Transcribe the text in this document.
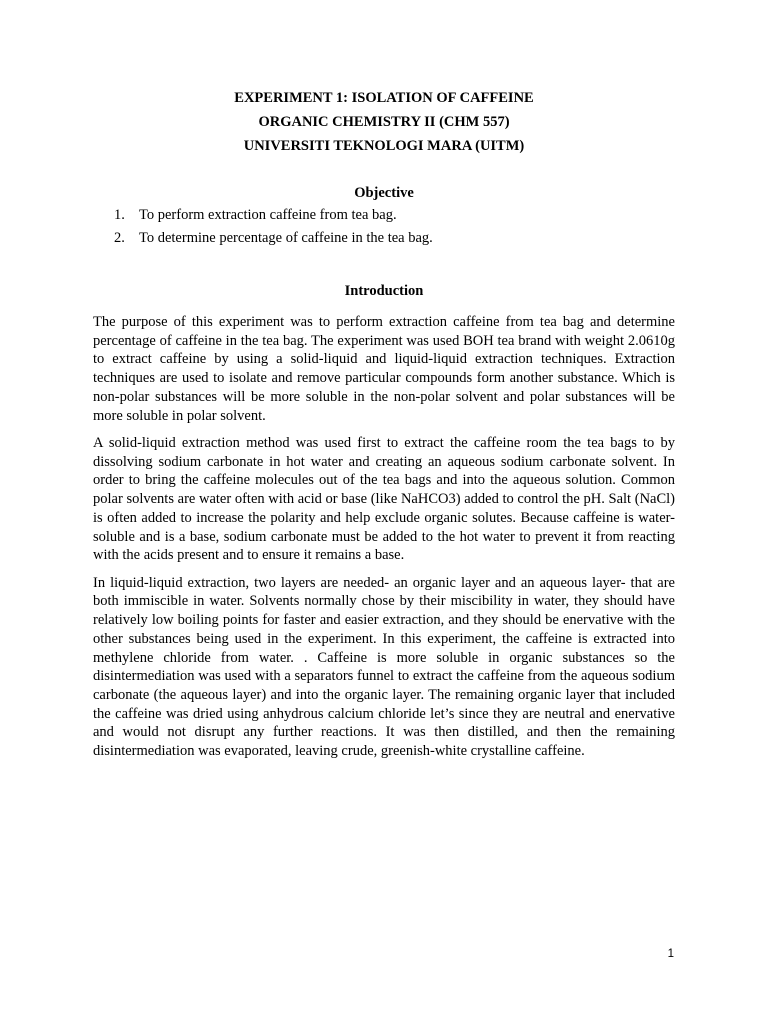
EXPERIMENT 1: ISOLATION OF CAFFEINE

ORGANIC CHEMISTRY II (CHM 557)

UNIVERSITI TEKNOLOGI MARA (UITM)

Objective

1. To perform extraction caffeine from tea bag.
2. To determine percentage of caffeine in the tea bag.

Introduction

The purpose of this experiment was to perform extraction caffeine from tea bag and determine percentage of caffeine in the tea bag. The experiment was used BOH tea brand with weight 2.0610g to extract caffeine by using a solid-liquid and liquid-liquid extraction techniques. Extraction techniques are used to isolate and remove particular compounds form another substance. Which is non-polar substances will be more soluble in the non-polar solvent and polar substances will be more soluble in polar solvent.

A solid-liquid extraction method was used first to extract the caffeine room the tea bags to by dissolving sodium carbonate in hot water and creating an aqueous sodium carbonate solvent. In order to bring the caffeine molecules out of the tea bags and into the aqueous solution. Common polar solvents are water often with acid or base (like NaHCO3) added to control the pH. Salt (NaCl) is often added to increase the polarity and help exclude organic solutes. Because caffeine is water-soluble and is a base, sodium carbonate must be added to the hot water to prevent it from reacting with the acids present and to ensure it remains a base.

In liquid-liquid extraction, two layers are needed- an organic layer and an aqueous layer- that are both immiscible in water. Solvents normally chose by their miscibility in water, they should have relatively low boiling points for faster and easier extraction, and they should be enervative with the other substances being used in the experiment. In this experiment, the caffeine is extracted into methylene chloride from water. . Caffeine is more soluble in organic substances so the disintermediation was used with a separators funnel to extract the caffeine from the aqueous sodium carbonate (the aqueous layer) and into the organic layer. The remaining organic layer that included the caffeine was dried using anhydrous calcium chloride let’s since they are neutral and enervative and would not disrupt any further reactions. It was then distilled, and then the remaining disintermediation was evaporated, leaving crude, greenish-white crystalline caffeine.

1
